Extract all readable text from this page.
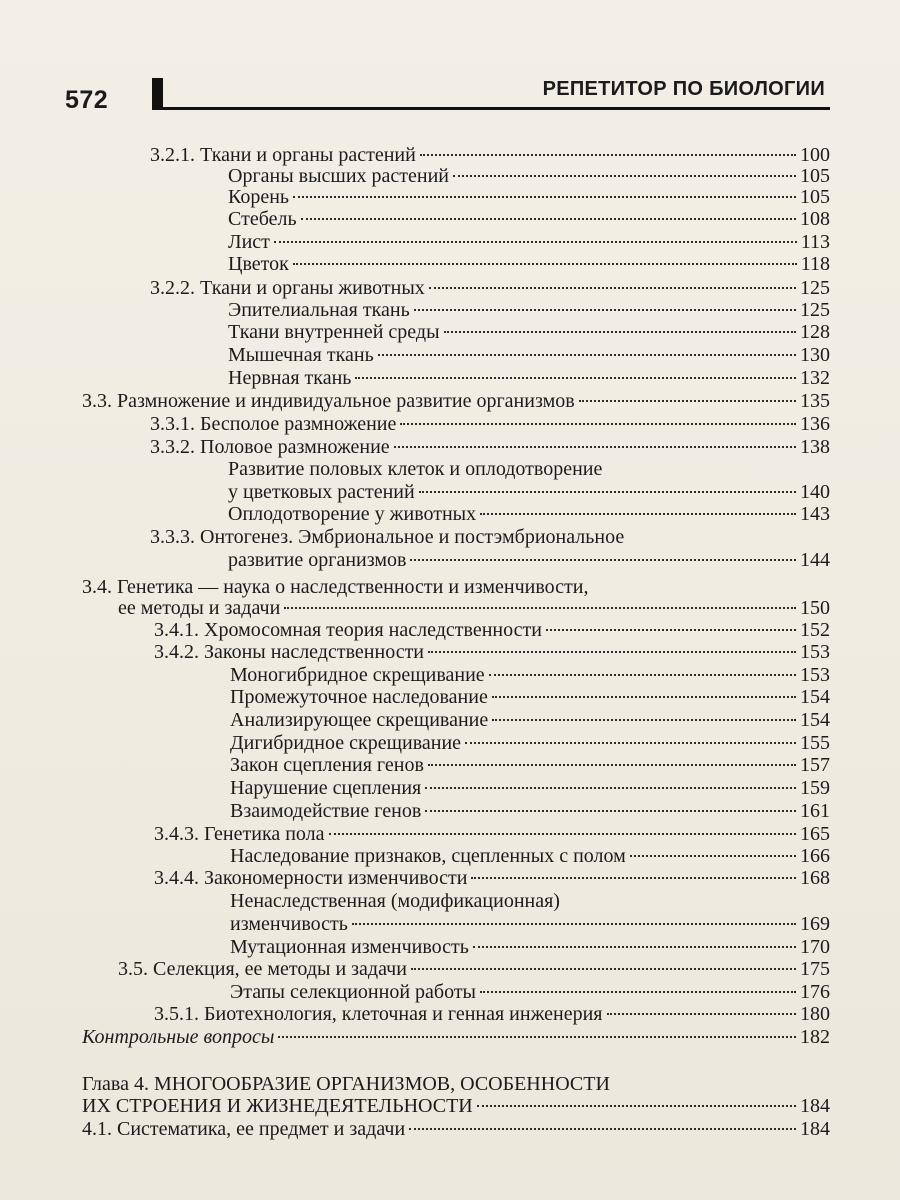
572	РЕПЕТИТОР ПО БИОЛОГИИ
3.2.1. Ткани и органы растений	100
Органы высших растений	105
Корень	105
Стебель	108
Лист	113
Цветок	118
3.2.2. Ткани и органы животных	125
Эпителиальная ткань	125
Ткани внутренней среды	128
Мышечная ткань	130
Нервная ткань	132
3.3. Размножение и индивидуальное развитие организмов	135
3.3.1. Бесполое размножение	136
3.3.2. Половое размножение	138
Развитие половых клеток и оплодотворение
у цветковых растений	140
Оплодотворение у животных	143
3.3.3. Онтогенез. Эмбриональное и постэмбриональное
развитие организмов	144
3.4. Генетика — наука о наследственности и изменчивости,
ее методы и задачи	150
3.4.1. Хромосомная теория наследственности	152
3.4.2. Законы наследственности	153
Моногибридное скрещивание	153
Промежуточное наследование	154
Анализирующее скрещивание	154
Дигибридное скрещивание	155
Закон сцепления генов	157
Нарушение сцепления	159
Взаимодействие генов	161
3.4.3. Генетика пола	165
Наследование признаков, сцепленных с полом	166
3.4.4. Закономерности изменчивости	168
Ненаследственная (модификационная)
изменчивость	169
Мутационная изменчивость	170
3.5. Селекция, ее методы и задачи	175
Этапы селекционной работы	176
3.5.1. Биотехнология, клеточная и генная инженерия	180
Контрольные вопросы	182
Глава 4. МНОГООБРАЗИЕ ОРГАНИЗМОВ, ОСОБЕННОСТИ
ИХ СТРОЕНИЯ И ЖИЗНЕДЕЯТЕЛЬНОСТИ	184
4.1. Систематика, ее предмет и задачи	184
